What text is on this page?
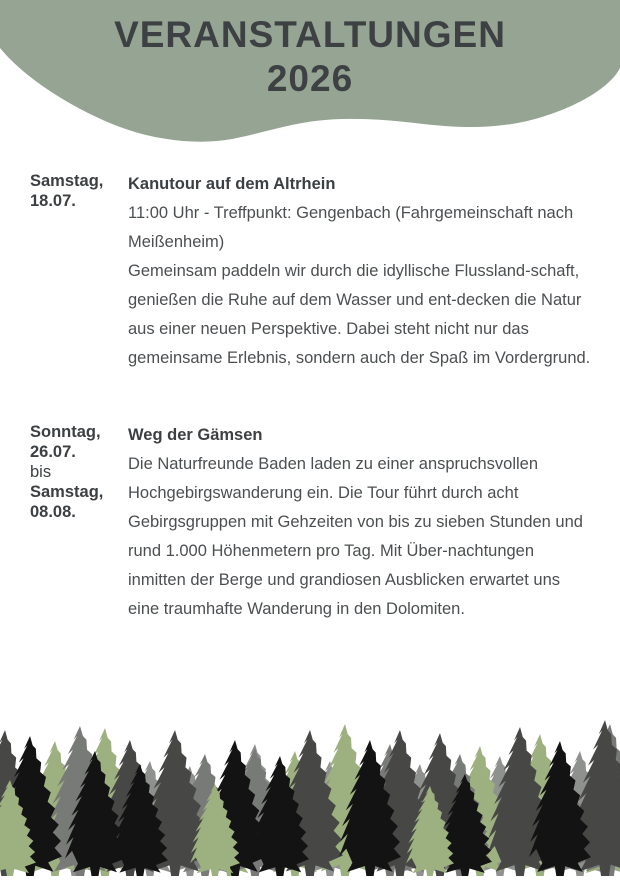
VERANSTALTUNGEN
2026
Samstag,
18.07.
Kanutour auf dem Altrhein

11:00 Uhr - Treffpunkt: Gengenbach (Fahrgemeinschaft nach Meißenheim)

Gemeinsam paddeln wir durch die idyllische Flussland-schaft, genießen die Ruhe auf dem Wasser und ent-decken die Natur aus einer neuen Perspektive. Dabei steht nicht nur das gemeinsame Erlebnis, sondern auch der Spaß im Vordergrund.

Sonntag,
26.07.
bis
Samstag,
08.08.
Weg der Gämsen

Die Naturfreunde Baden laden zu einer anspruchsvollen Hochgebirgswanderung ein. Die Tour führt durch acht Gebirgsgruppen mit Gehzeiten von bis zu sieben Stunden und rund 1.000 Höhenmetern pro Tag. Mit Über-nachtungen inmitten der Berge und grandiosen Ausblicken erwartet uns eine traumhafte Wanderung in den Dolomiten.
